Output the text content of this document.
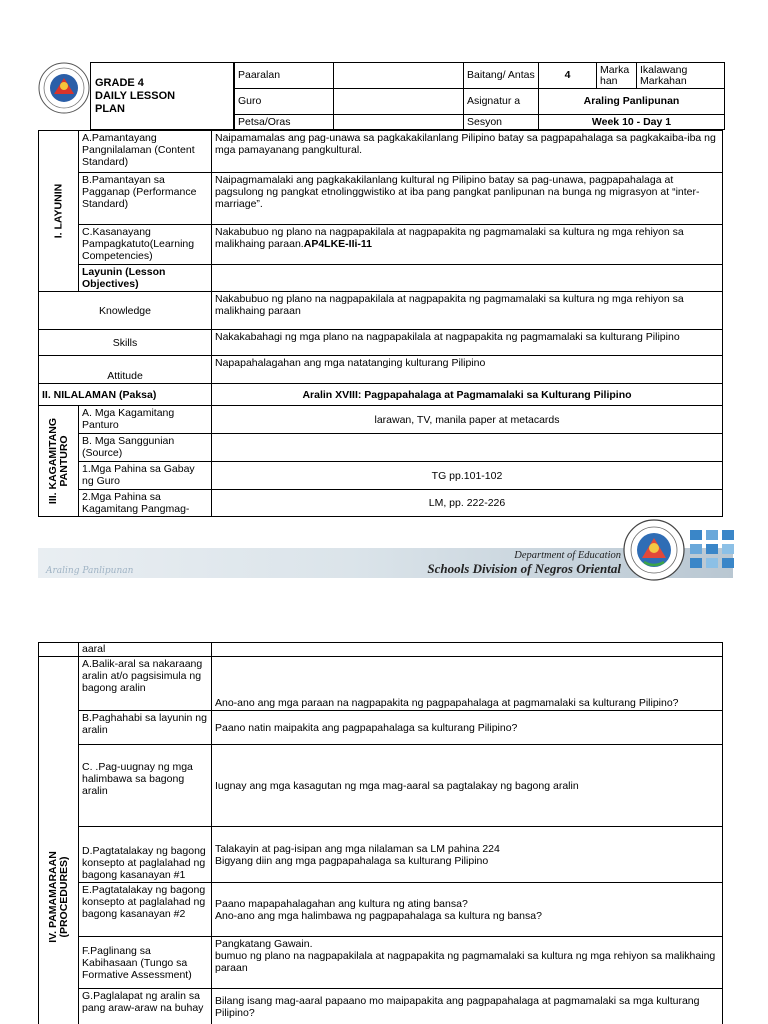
GRADE 4
DAILY LESSON
PLAN
Paaralan		Baitang/ Antas	4	Marka han	Ikalawang Markahan
Guro		Asignatur a	Araling Panlipunan		
Petsa/Oras		Sesyon	Week 10 - Day 1		
I. LAYUNIN	A.Pamantayang Pangnilalaman (Content Standard)	Naipamamalas ang pag-unawa sa pagkakakilanlang Pilipino batay sa pagpapahalaga sa pagkakaiba-iba ng mga pamayanang pangkultural.
	B.Pamantayan sa Pagganap (Performance Standard)	Naipagmamalaki ang pagkakakilanlang kultural ng Pilipino batay sa pag-unawa, pagpapahalaga at pagsulong ng pangkat etnolinggwistiko at iba pang pangkat panlipunan na bunga ng migrasyon at “inter-marriage”.
	C.Kasanayang Pampagkatuto(Learning Competencies)	Nakabubuo ng plano na nagpapakilala at nagpapakita ng pagmamalaki sa kultura ng mga rehiyon sa malikhaing paraan.AP4LKE-IIi-11
	Layunin (Lesson Objectives)	
Knowledge		Nakabubuo ng plano na nagpapakilala at nagpapakita ng pagmamalaki sa kultura ng mga rehiyon sa malikhaing paraan
Skills		Nakakabahagi ng mga plano na nagpapakilala at nagpapakita ng pagmamalaki sa kulturang Pilipino
Attitude		Napapahalagahan ang mga natatanging kulturang Pilipino
II. NILALAMAN (Paksa)		Aralin XVIII: Pagpapahalaga at Pagmamalaki sa Kulturang Pilipino

III. KAGAMITANG PANTURO	A. Mga Kagamitang Panturo	larawan, TV, manila paper at metacards
	B. Mga Sanggunian (Source)	
	1.Mga Pahina sa Gabay ng Guro	TG pp.101-102
	2.Mga Pahina sa Kagamitang Pangmag-	LM, pp. 222-226
Araling Panlipunan
Department of Education
Schools Division of Negros Oriental
	aaral	

IV. PAMAMARAAN (PROCEDURES)	A.Balik-aral sa nakaraang aralin at/o pagsisimula ng bagong aralin	Ano-ano ang mga paraan na nagpapakita ng pagpapahalaga at pagmamalaki sa kulturang Pilipino?
	B.Paghahabi sa layunin ng aralin	Paano natin maipakita ang pagpapahalaga sa kulturang Pilipino?
	C. .Pag-uugnay ng mga halimbawa sa bagong aralin	Iugnay ang mga kasagutan ng mga mag-aaral sa pagtalakay ng bagong aralin
	D.Pagtatalakay ng bagong konsepto at paglalahad ng bagong kasanayan #1	Talakayin at pag-isipan ang mga nilalaman sa LM pahina 224
Bigyang diin ang mga pagpapahalaga sa kulturang Pilipino

	E.Pagtatalakay ng bagong konsepto at paglalahad ng bagong kasanayan #2	Paano mapapahalagahan ang kultura ng ating bansa?
Ano-ano ang mga halimbawa ng pagpapahalaga sa kultura ng bansa?

	F.Paglinang sa Kabihasaan (Tungo sa Formative Assessment)	Pangkatang Gawain.
bumuo ng plano na nagpapakilala at nagpapakita ng pagmamalaki sa kultura ng mga rehiyon sa malikhaing paraan

	G.Paglalapat ng aralin sa pang araw-araw na buhay	Bilang isang mag-aaral papaano mo maipapakita ang pagpapahalaga at pagmamalaki sa mga kulturang Pilipino?
